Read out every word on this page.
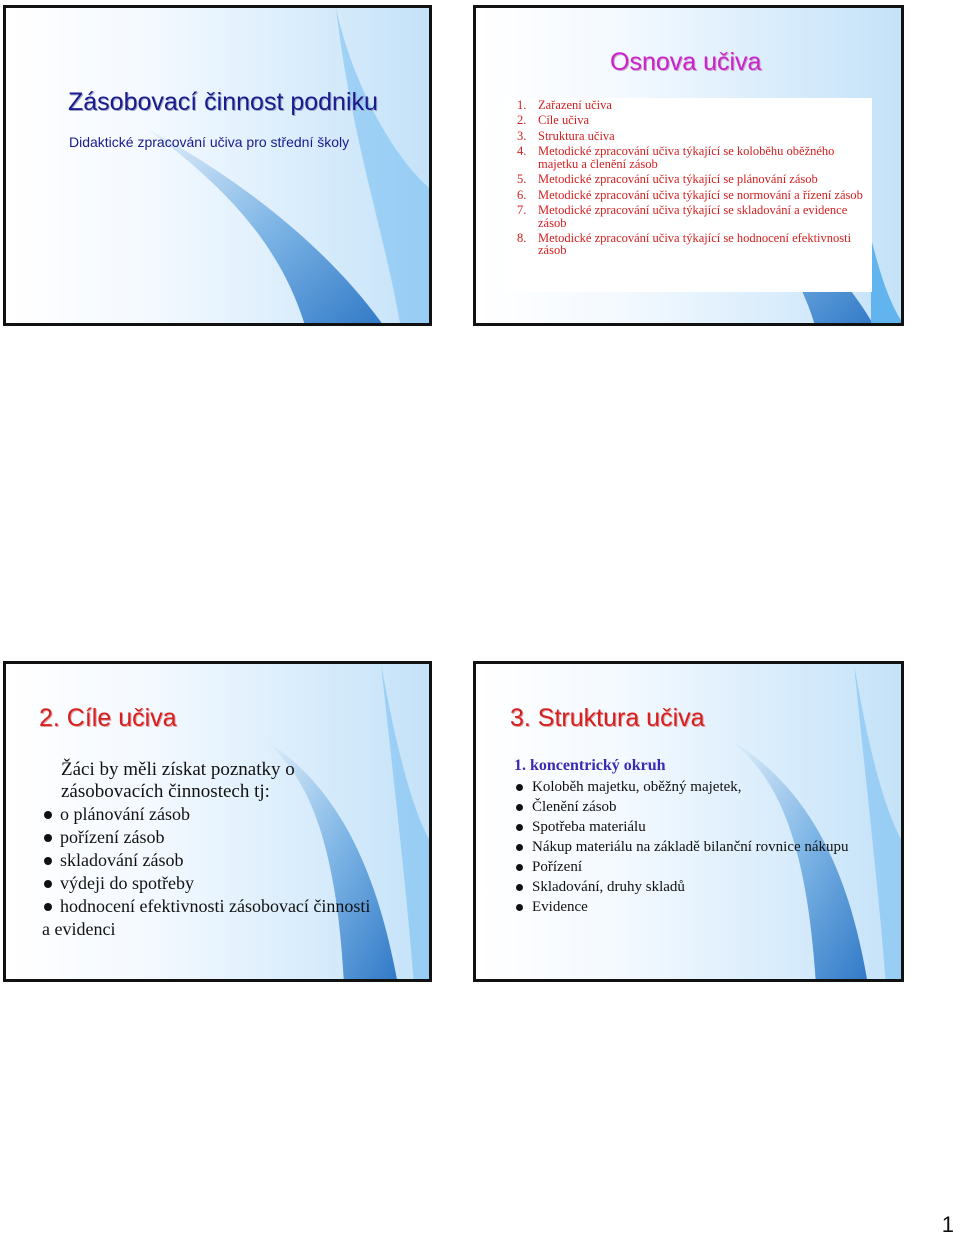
Zásobovací činnost podniku

Didaktické zpracování učiva pro střední školy

Osnova učiva
1. Zařazení učiva
2. Cíle učiva
3. Struktura učiva
4. Metodické zpracování učiva týkající se koloběhu oběžného majetku a členění zásob
5. Metodické zpracování učiva týkající se plánování zásob
6. Metodické zpracování učiva týkající se normování a řízení zásob
7. Metodické zpracování učiva týkající se skladování a evidence zásob
8. Metodické zpracování učiva týkající se hodnocení efektivnosti zásob
2. Cíle učiva

Žáci by měli získat poznatky o zásobovacích činnostech tj:

o plánování zásob
pořízení zásob
skladování zásob
výdeji do spotřeby
hodnocení efektivnosti zásobovací činnosti
a evidenci
3. Struktura učiva

1. koncentrický okruh

Koloběh majetku, oběžný majetek,
Členění zásob
Spotřeba materiálu
Nákup materiálu na základě bilanční rovnice nákupu
Pořízení
Skladování, druhy skladů
Evidence
1
